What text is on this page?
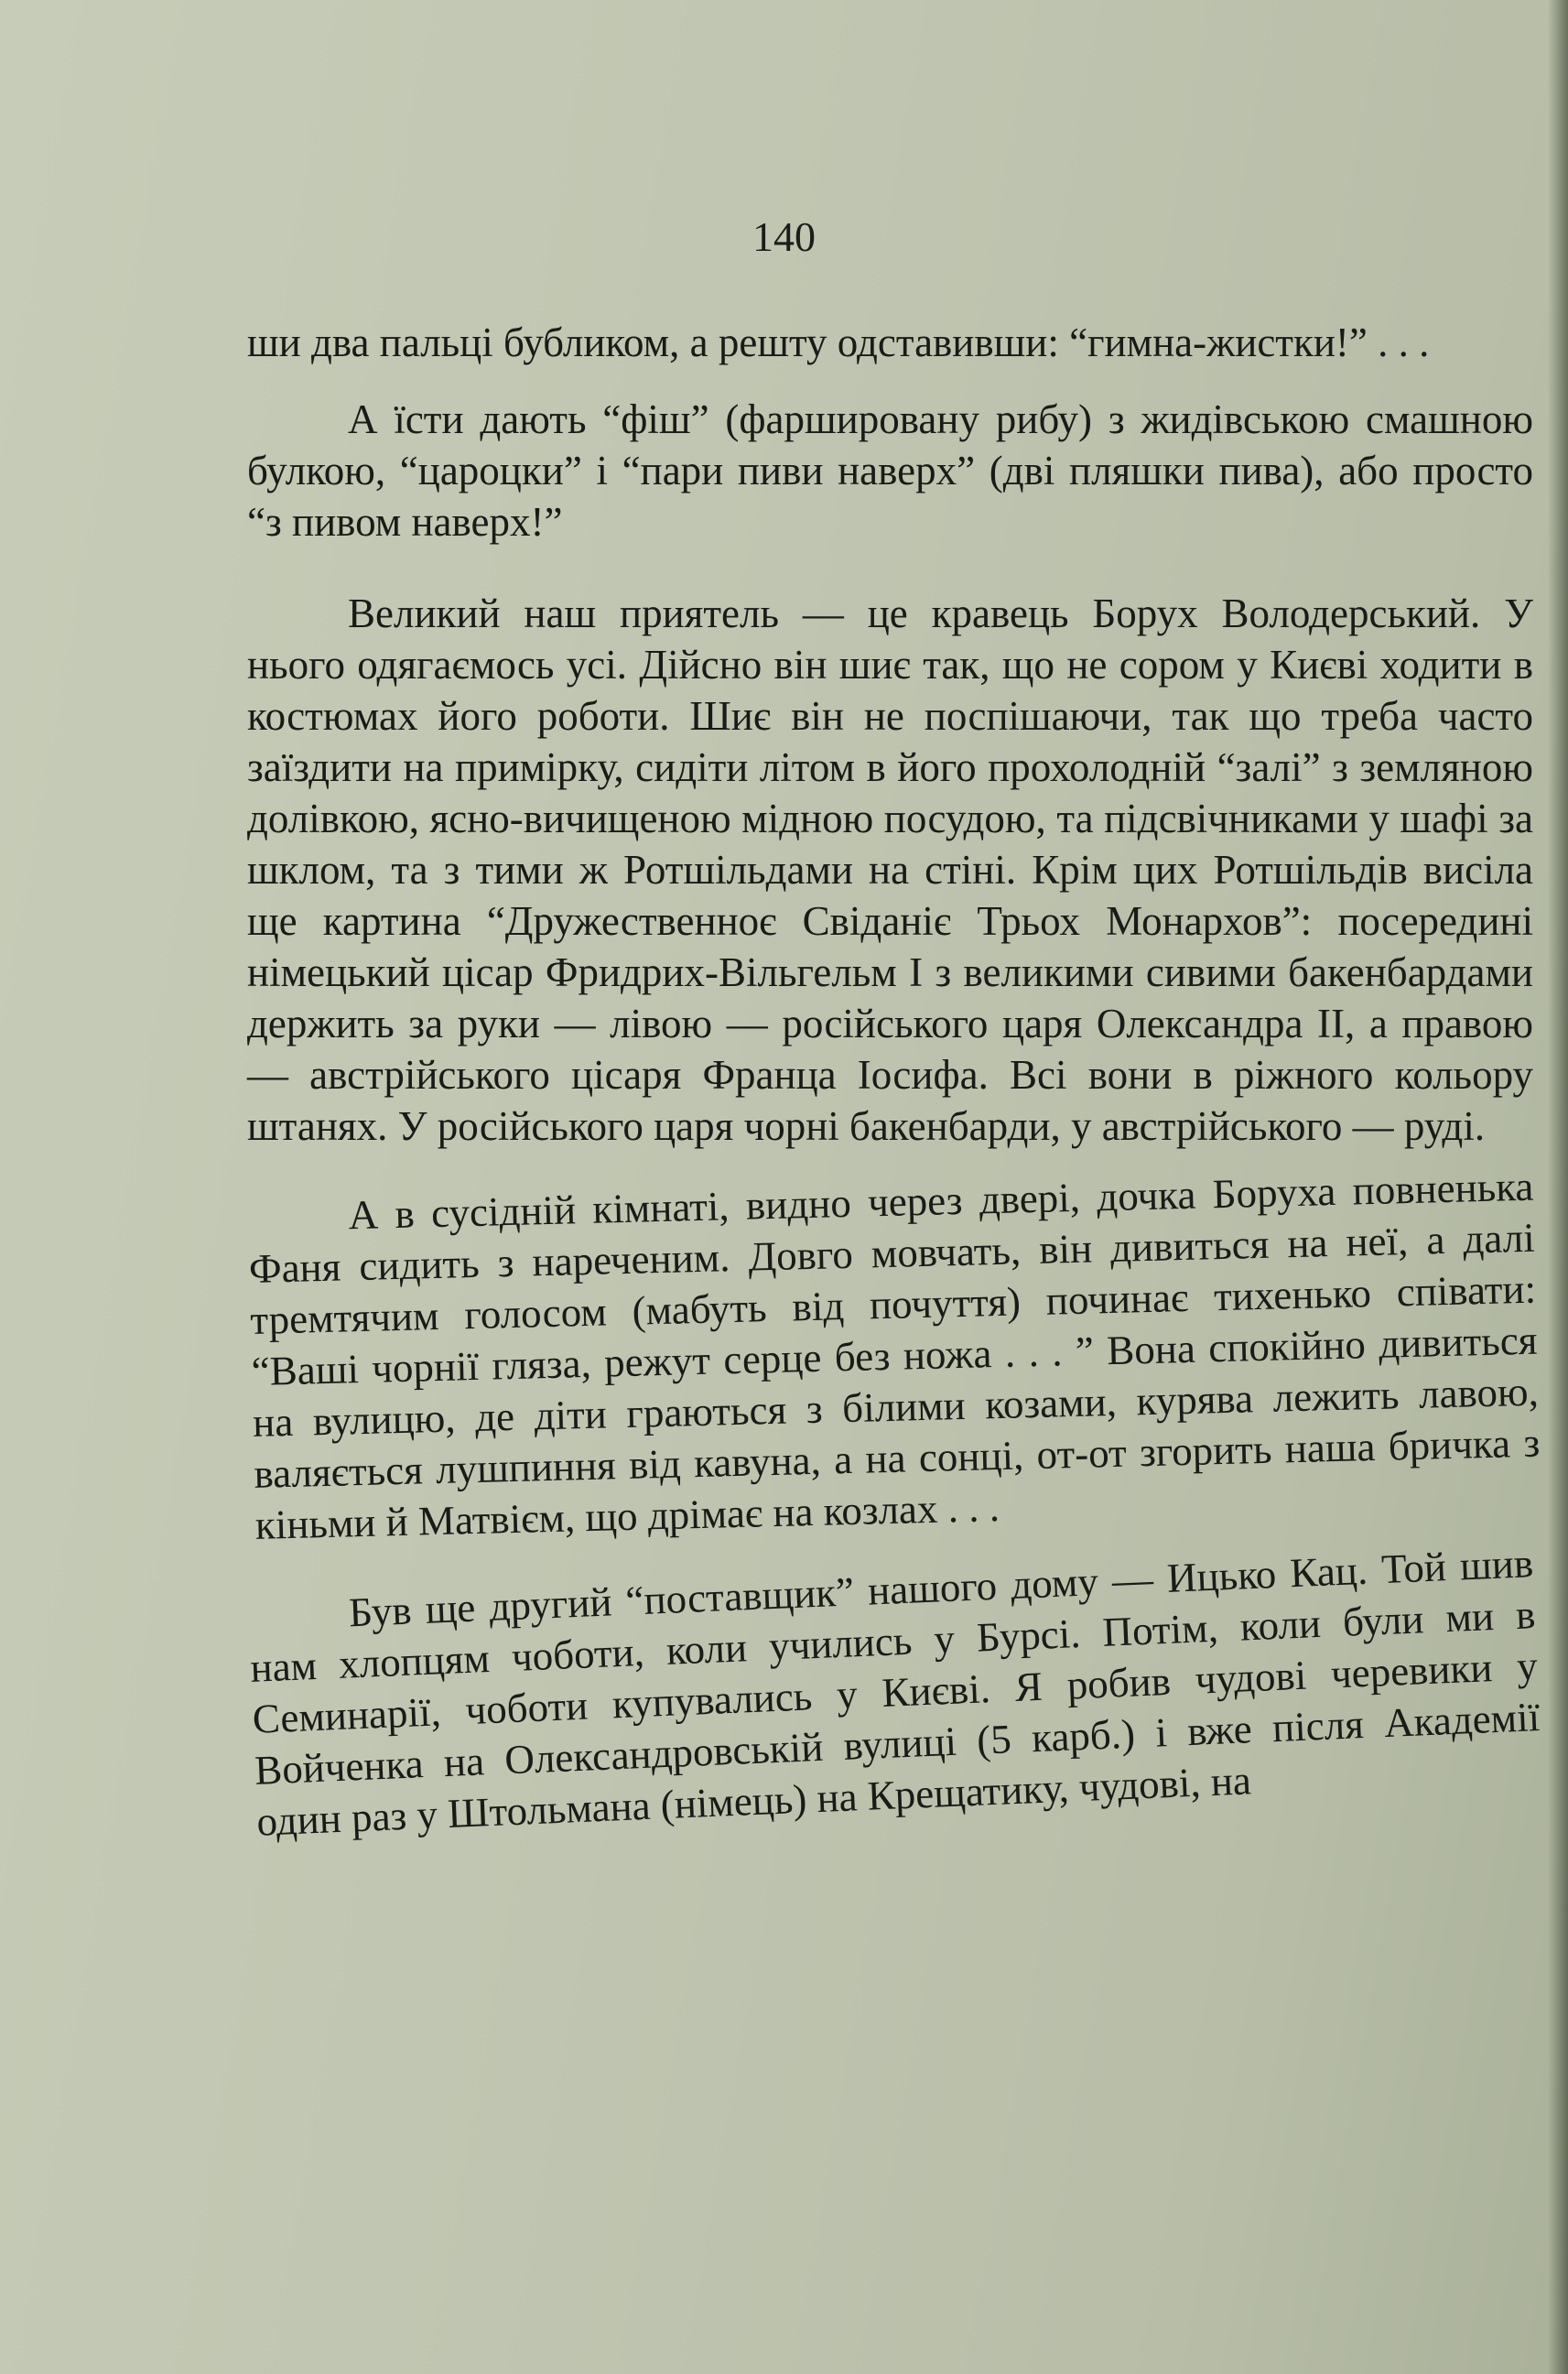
140

ши два пальці бубликом, а решту одставивши: “гимна-жистки!” . . .

А їсти дають “фіш” (фаршировану рибу) з жидівською смашною булкою, “цароцки” і “пари пиви наверх” (дві пляшки пива), або просто “з пивом наверх!”

Великий наш приятель — це кравець Борух Володерський. У нього одягаємось усі. Дійсно він шиє так, що не сором у Києві ходити в костюмах його роботи. Шиє він не поспішаючи, так що треба часто заїздити на примірку, сидіти літом в його прохолодній “залі” з земляною долівкою, ясно-вичищеною мідною посудою, та підсвічниками у шафі за шклом, та з тими ж Ротшільдами на стіні. Крім цих Ротшільдів висіла ще картина “Дружественноє Свіданіє Трьох Монархов”: посередині німецький цісар Фридрих-Вільгельм I з великими сивими бакенбардами держить за руки — лівою — російського царя Олександра II, а правою — австрійського цісаря Франца Іосифа. Всі вони в ріжного кольору штанях. У російського царя чорні бакенбарди, у австрійського — руді.

А в сусідній кімнаті, видно через двері, дочка Боруха повненька Фаня сидить з нареченим. Довго мовчать, він дивиться на неї, а далі тремтячим голосом (мабуть від почуття) починає тихенько співати: “Ваші чорнії гляза, режут серце без ножа . . . ” Вона спокійно дивиться на вулицю, де діти граються з білими козами, курява лежить лавою, валяється лушпиння від кавуна, а на сонці, от-от згорить наша бричка з кіньми й Матвієм, що дрімає на козлах . . .

Був ще другий “поставщик” нашого дому — Ицько Кац. Той шив нам хлопцям чоботи, коли учились у Бурсі. Потім, коли були ми в Семинарії, чоботи купувались у Києві. Я робив чудові черевики у Войченка на Олександровській вулиці (5 карб.) і вже після Академії один раз у Штольмана (німець) на Крещатику, чудові, на
